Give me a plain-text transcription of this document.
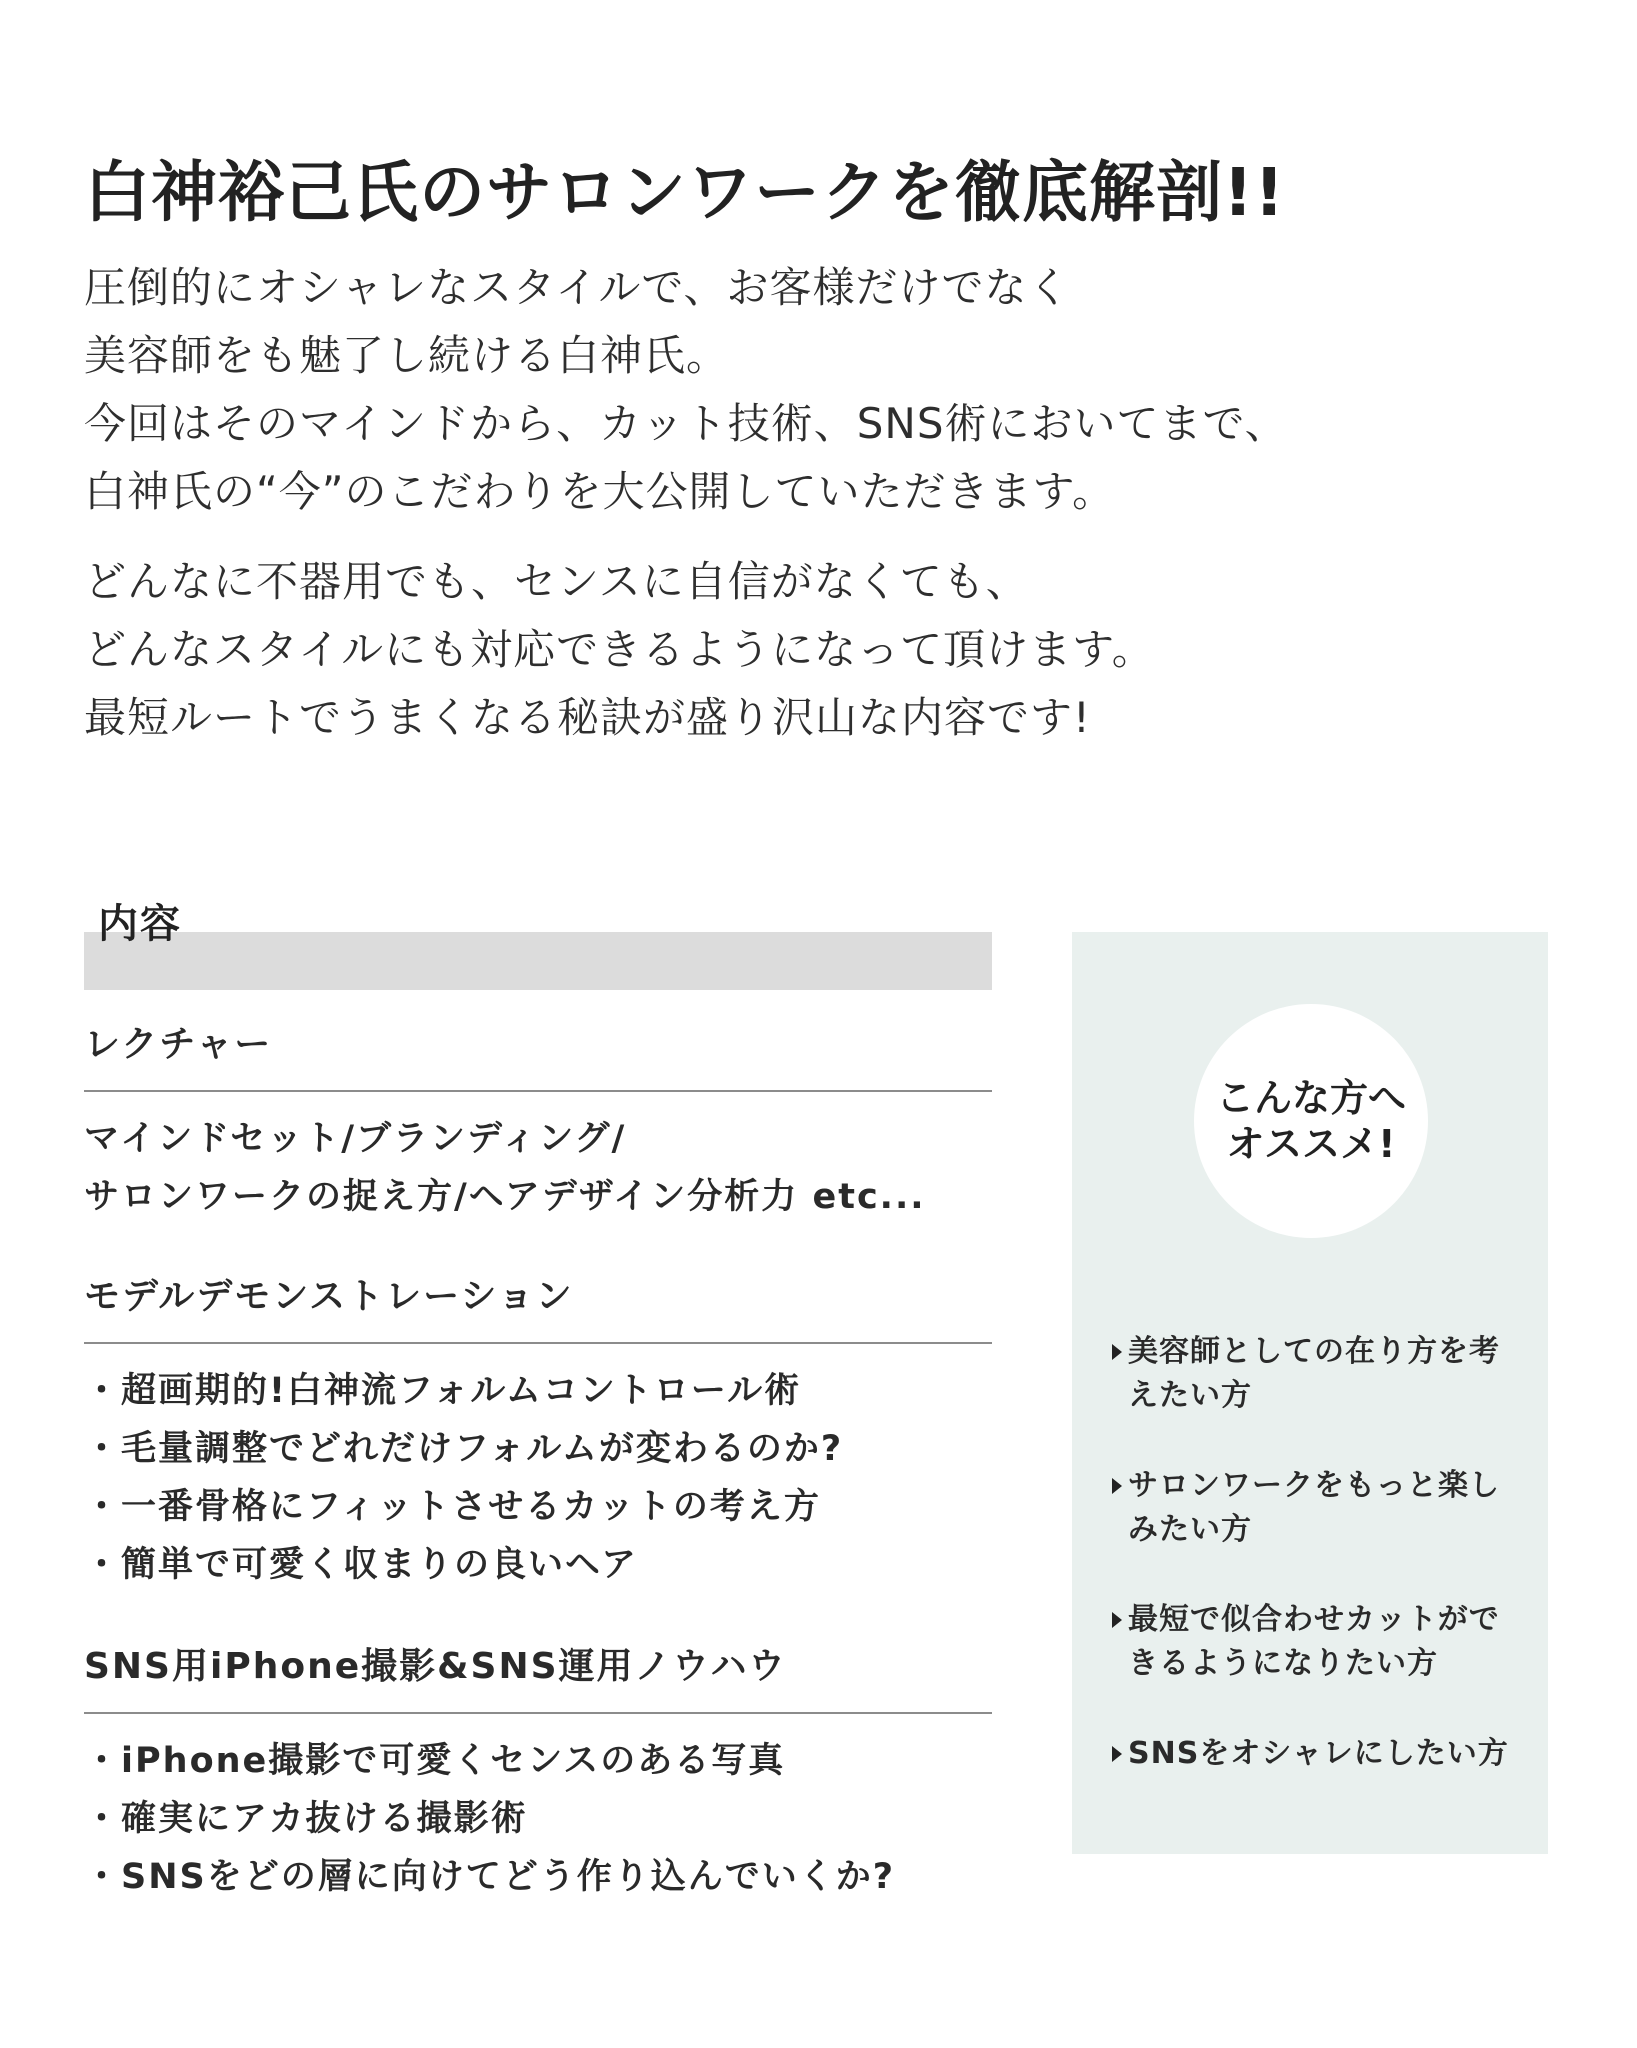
白神裕己氏のサロンワークを徹底解剖!!

圧倒的にオシャレなスタイルで、お客様だけでなく

美容師をも魅了し続ける白神氏。

今回はそのマインドから、カット技術、SNS術においてまで、

白神氏の“今”のこだわりを大公開していただきます。

どんなに不器用でも、センスに自信がなくても、

どんなスタイルにも対応できるようになって頂けます。

最短ルートでうまくなる秘訣が盛り沢山な内容です!

内容
レクチャー
マインドセット/ブランディング/
サロンワークの捉え方/ヘアデザイン分析力 etc...
モデルデモンストレーション
・超画期的!白神流フォルムコントロール術
・毛量調整でどれだけフォルムが変わるのか?
・一番骨格にフィットさせるカットの考え方
・簡単で可愛く収まりの良いヘア
SNS用iPhone撮影&SNS運用ノウハウ
・iPhone撮影で可愛くセンスのある写真
・確実にアカ抜ける撮影術
・SNSをどの層に向けてどう作り込んでいくか?
こんな方へ
オススメ!
美容師としての在り方を考えたい方
サロンワークをもっと楽しみたい方
最短で似合わせカットができるようになりたい方
SNSをオシャレにしたい方
